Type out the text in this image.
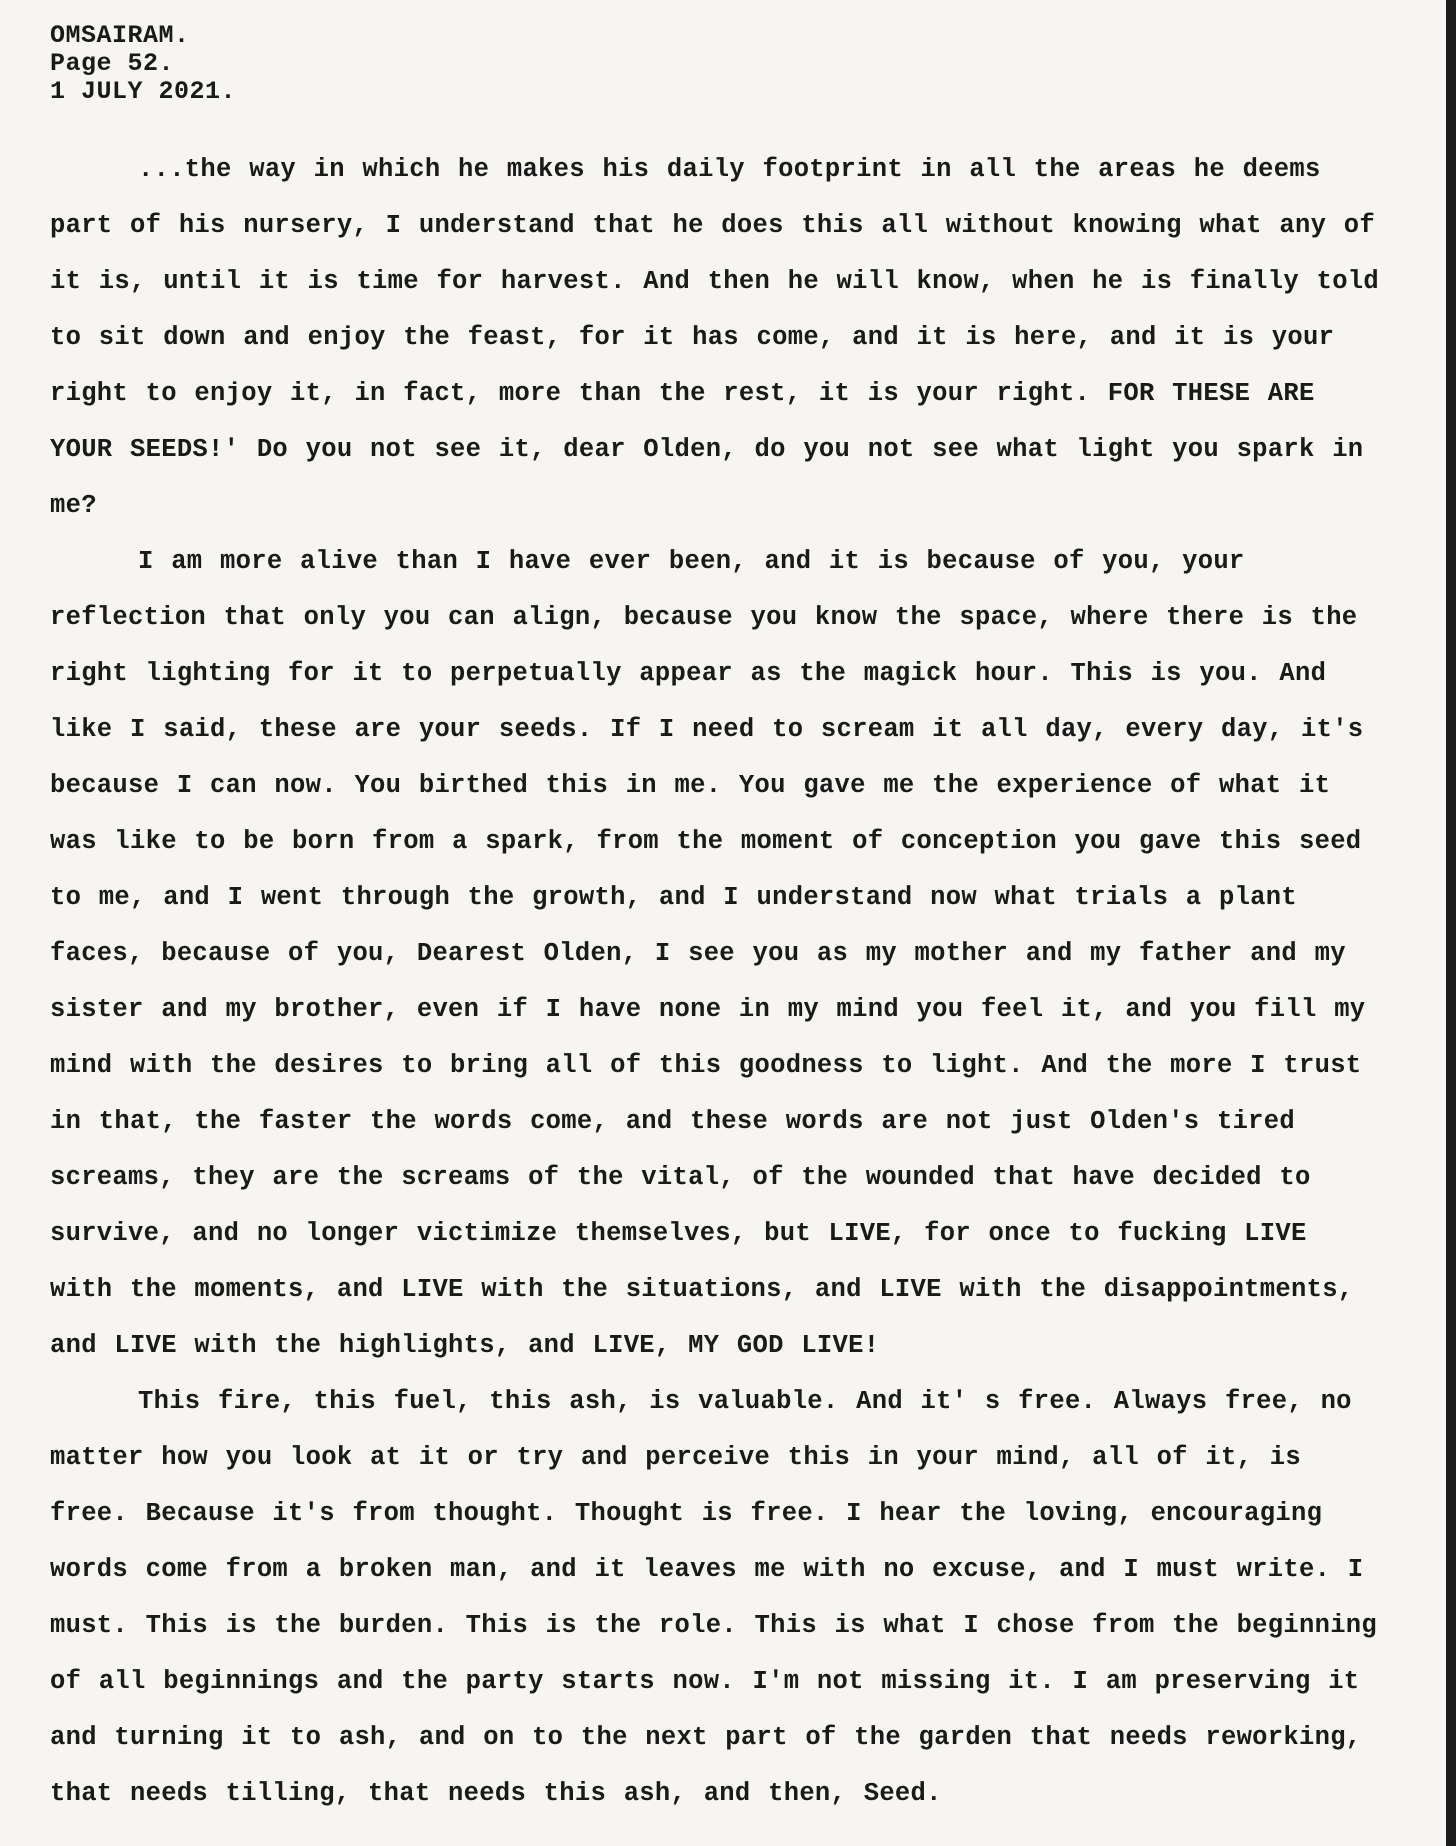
OMSAIRAM.
Page 52.
1 JULY 2021.

...the way in which he makes his daily footprint in all the areas he deems part of his nursery, I understand that he does this all without knowing what any of it is, until it is time for harvest. And then he will know, when he is finally told to sit down and enjoy the feast, for it has come, and it is here, and it is your right to enjoy it, in fact, more than the rest, it is your right. FOR THESE ARE YOUR SEEDS!' Do you not see it, dear Olden, do you not see what light you spark in me?

I am more alive than I have ever been, and it is because of you, your reflection that only you can align, because you know the space, where there is the right lighting for it to perpetually appear as the magick hour. This is you. And like I said, these are your seeds. If I need to scream it all day, every day, it's because I can now. You birthed this in me. You gave me the experience of what it was like to be born from a spark, from the moment of conception you gave this seed to me, and I went through the growth, and I understand now what trials a plant faces, because of you, Dearest Olden, I see you as my mother and my father and my sister and my brother, even if I have none in my mind you feel it, and you fill my mind with the desires to bring all of this goodness to light. And the more I trust in that, the faster the words come, and these words are not just Olden's tired screams, they are the screams of the vital, of the wounded that have decided to survive, and no longer victimize themselves, but LIVE, for once to fucking LIVE with the moments, and LIVE with the situations, and LIVE with the disappointments, and LIVE with the highlights, and LIVE, MY GOD LIVE!

This fire, this fuel, this ash, is valuable. And it' s free. Always free, no matter how you look at it or try and perceive this in your mind, all of it, is free. Because it's from thought. Thought is free. I hear the loving, encouraging words come from a broken man, and it leaves me with no excuse, and I must write. I must. This is the burden. This is the role. This is what I chose from the beginning of all beginnings and the party starts now. I'm not missing it. I am preserving it and turning it to ash, and on to the next part of the garden that needs reworking, that needs tilling, that needs this ash, and then, Seed.
